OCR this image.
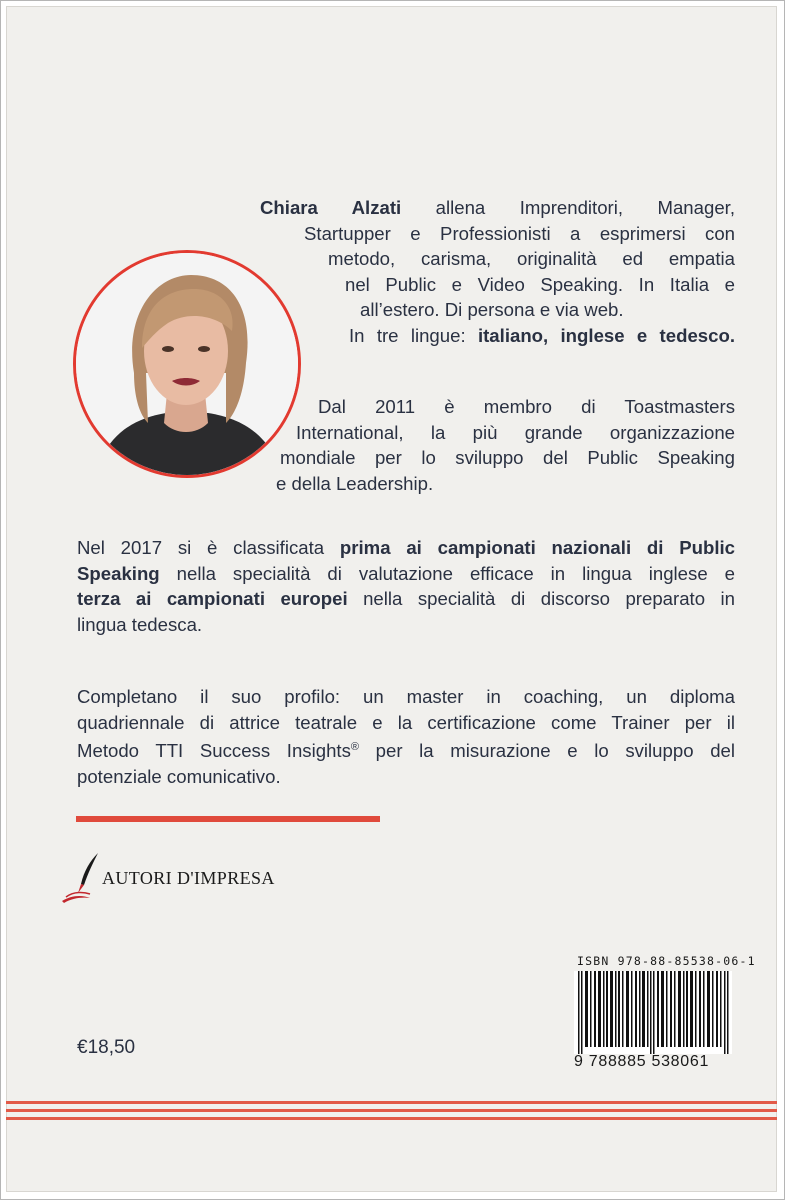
Chiara Alzati allena Imprenditori, Manager,
Startupper e Professionisti a esprimersi con
metodo, carisma, originalità ed empatia
nel Public e Video Speaking. In Italia e
all’estero. Di persona e via web.
In tre lingue: italiano, inglese e tedesco.
Dal 2011 è membro di Toastmasters
International, la più grande organizzazione
mondiale per lo sviluppo del Public Speaking
e della Leadership.
Nel 2017 si è classificata prima ai campionati nazionali di Public
Speaking nella specialità di valutazione efficace in lingua inglese e
terza ai campionati europei nella specialità di discorso preparato in
lingua tedesca.
Completano il suo profilo: un master in coaching, un diploma
quadriennale di attrice teatrale e la certificazione come Trainer per il
Metodo TTI Success Insights® per la misurazione e lo sviluppo del
potenziale comunicativo.
AUTORI D'IMPRESA
ISBN 978-88-85538-06-1
9 788885 538061
€18,50
